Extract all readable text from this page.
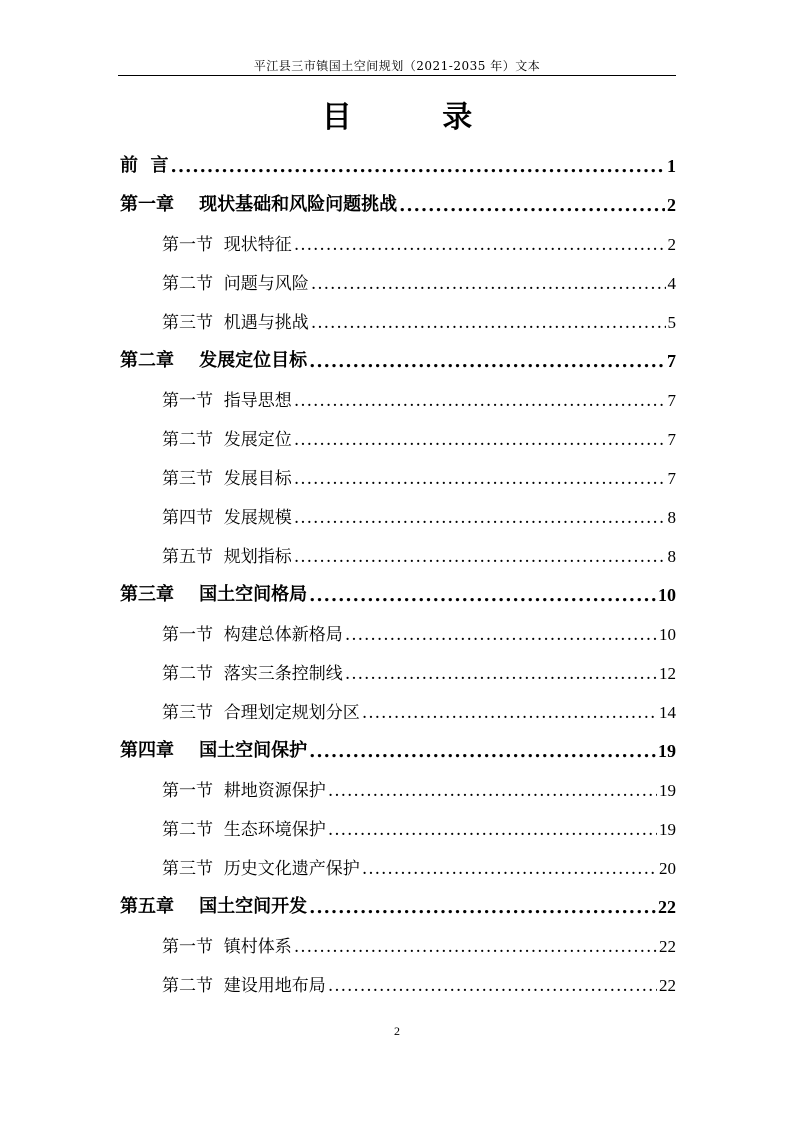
平江县三市镇国土空间规划（2021-2035 年）文本
目 录
前  言 .....	1
第一章    现状基础和风险问题挑战 .....	2
第一节  现状特征 .....	2
第二节  问题与风险 .....	4
第三节  机遇与挑战 .....	5
第二章    发展定位目标 .....	7
第一节  指导思想 .....	7
第二节  发展定位 .....	7
第三节  发展目标 .....	7
第四节  发展规模 .....	8
第五节  规划指标 .....	8
第三章    国土空间格局 .....	10
第一节  构建总体新格局 .....	10
第二节  落实三条控制线 .....	12
第三节  合理划定规划分区 .....	14
第四章    国土空间保护 .....	19
第一节  耕地资源保护 .....	19
第二节  生态环境保护 .....	19
第三节  历史文化遗产保护 .....	20
第五章    国土空间开发 .....	22
第一节  镇村体系 .....	22
第二节  建设用地布局 .....	22
2
